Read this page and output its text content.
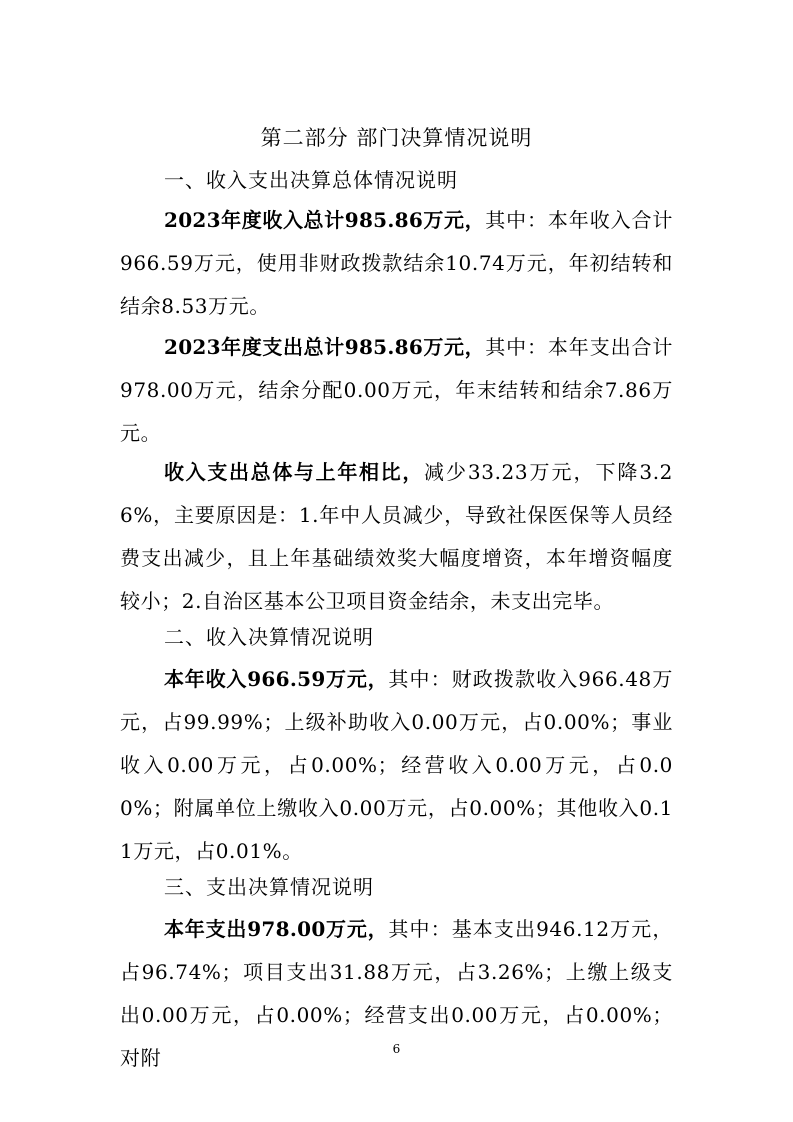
第二部分 部门决算情况说明
一、收入支出决算总体情况说明
2023年度收入总计985.86万元，其中：本年收入合计966.59万元，使用非财政拨款结余10.74万元，年初结转和结余8.53万元。
2023年度支出总计985.86万元，其中：本年支出合计978.00万元，结余分配0.00万元，年末结转和结余7.86万元。
收入支出总体与上年相比，减少33.23万元，下降3.26%，主要原因是：1.年中人员减少，导致社保医保等人员经费支出减少，且上年基础绩效奖大幅度增资，本年增资幅度较小；2.自治区基本公卫项目资金结余，未支出完毕。
二、收入决算情况说明
本年收入966.59万元，其中：财政拨款收入966.48万元，占99.99%；上级补助收入0.00万元，占0.00%；事业收入0.00万元，占0.00%；经营收入0.00万元，占0.00%；附属单位上缴收入0.00万元，占0.00%；其他收入0.11万元，占0.01%。
三、支出决算情况说明
本年支出978.00万元，其中：基本支出946.12万元，占96.74%；项目支出31.88万元，占3.26%；上缴上级支出0.00万元，占0.00%；经营支出0.00万元，占0.00%；对附	6
